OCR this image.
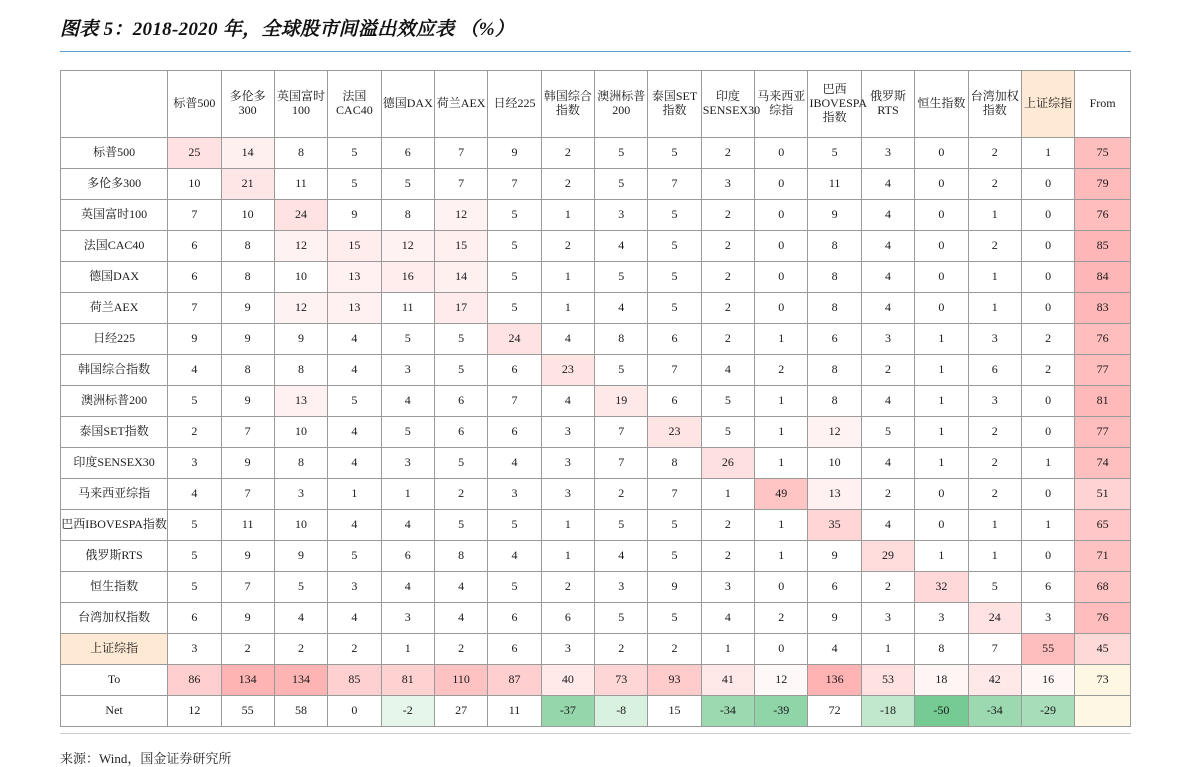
图表 5：2018-2020 年，全球股市间溢出效应表 （%）
	标普500	多伦多300	英国富时100	法国CAC40	德国DAX	荷兰AEX	日经225	韩国综合指数	澳洲标普200	泰国SET指数	印度SENSEX30	马来西亚综指	巴西IBOVESPA指数	俄罗斯RTS	恒生指数	台湾加权指数	上证综指	From
标普500	25	14	8	5	6	7	9	2	5	5	2	0	5	3	0	2	1	75
多伦多300	10	21	11	5	5	7	7	2	5	7	3	0	11	4	0	2	0	79
英国富时100	7	10	24	9	8	12	5	1	3	5	2	0	9	4	0	1	0	76
法国CAC40	6	8	12	15	12	15	5	2	4	5	2	0	8	4	0	2	0	85
德国DAX	6	8	10	13	16	14	5	1	5	5	2	0	8	4	0	1	0	84
荷兰AEX	7	9	12	13	11	17	5	1	4	5	2	0	8	4	0	1	0	83
日经225	9	9	9	4	5	5	24	4	8	6	2	1	6	3	1	3	2	76
韩国综合指数	4	8	8	4	3	5	6	23	5	7	4	2	8	2	1	6	2	77
澳洲标普200	5	9	13	5	4	6	7	4	19	6	5	1	8	4	1	3	0	81
泰国SET指数	2	7	10	4	5	6	6	3	7	23	5	1	12	5	1	2	0	77
印度SENSEX30	3	9	8	4	3	5	4	3	7	8	26	1	10	4	1	2	1	74
马来西亚综指	4	7	3	1	1	2	3	3	2	7	1	49	13	2	0	2	0	51
巴西IBOVESPA指数	5	11	10	4	4	5	5	1	5	5	2	1	35	4	0	1	1	65
俄罗斯RTS	5	9	9	5	6	8	4	1	4	5	2	1	9	29	1	1	0	71
恒生指数	5	7	5	3	4	4	5	2	3	9	3	0	6	2	32	5	6	68
台湾加权指数	6	9	4	4	3	4	6	6	5	5	4	2	9	3	3	24	3	76
上证综指	3	2	2	2	1	2	6	3	2	2	1	0	4	1	8	7	55	45
To	86	134	134	85	81	110	87	40	73	93	41	12	136	53	18	42	16	73
Net	12	55	58	0	-2	27	11	-37	-8	15	-34	-39	72	-18	-50	-34	-29	
来源：Wind，国金证券研究所
